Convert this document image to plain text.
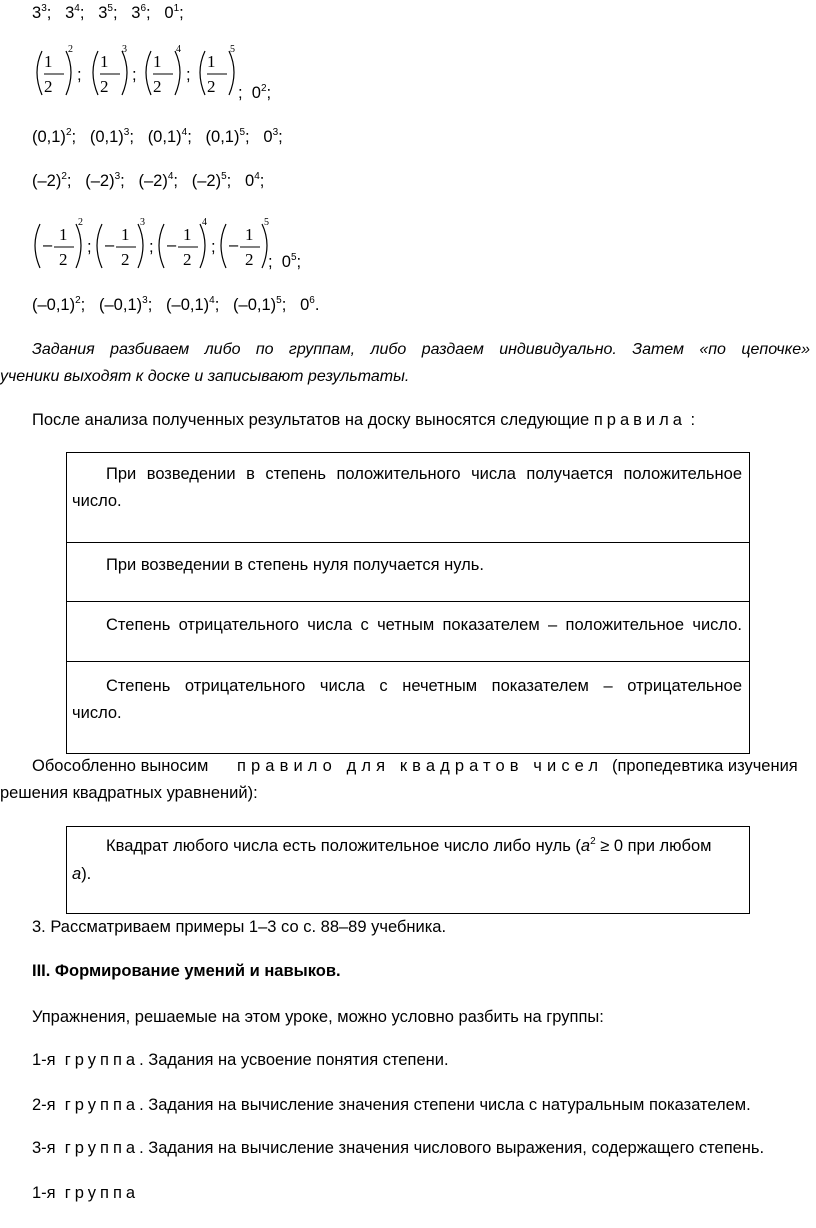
$3^3$;   $3^4$;   $3^5$;   $3^6$;   $0^1$;
1
2
1
2
1
2
1
2
2	3	4	5
;	;	;
;  $0^2$;
$(0,1)^2$;   $(0,1)^3$;   $(0,1)^4$;   $(0,1)^5$;   $0^3$;
$(-2)^2$;   $(-2)^3$;   $(-2)^4$;   $(-2)^5$;   $0^4$;
–	–	–	–
1
2
1
2
1
2
1
2
2	3	4	5
;	;	;
;  $0^5$;
$(-0,1)^2$;   $(-0,1)^3$;   $(-0,1)^4$;   $(-0,1)^5$;   $0^6$.
Задания разбиваем либо по группам, либо раздаем индивидуально. Затем «по цепочке»
ученики выходят к доске и записывают результаты.
После анализа полученных результатов на доску выносятся следующие правила :
При возведении в степень положительного числа получается положительное
число.
При возведении в степень нуля получается нуль.
Степень отрицательного числа с четным показателем – положительное число.
Степень отрицательного числа с нечетным показателем – отрицательное
число.
Обособленно выносим правило для квадратов чисел (пропедевтика изучения
решения квадратных уравнений):
Квадрат любого числа есть положительное число либо нуль ($a^2 \ge 0$ при любом
a).
3. Рассматриваем примеры 1–3 со с. 88–89 учебника.
III. Формирование умений и навыков.
Упражнения, решаемые на этом уроке, можно условно разбить на группы:
1-я группа. Задания на усвоение понятия степени.
2-я группа. Задания на вычисление значения степени числа с натуральным показателем.
3-я группа. Задания на вычисление значения числового выражения, содержащего степень.
1-я группа
